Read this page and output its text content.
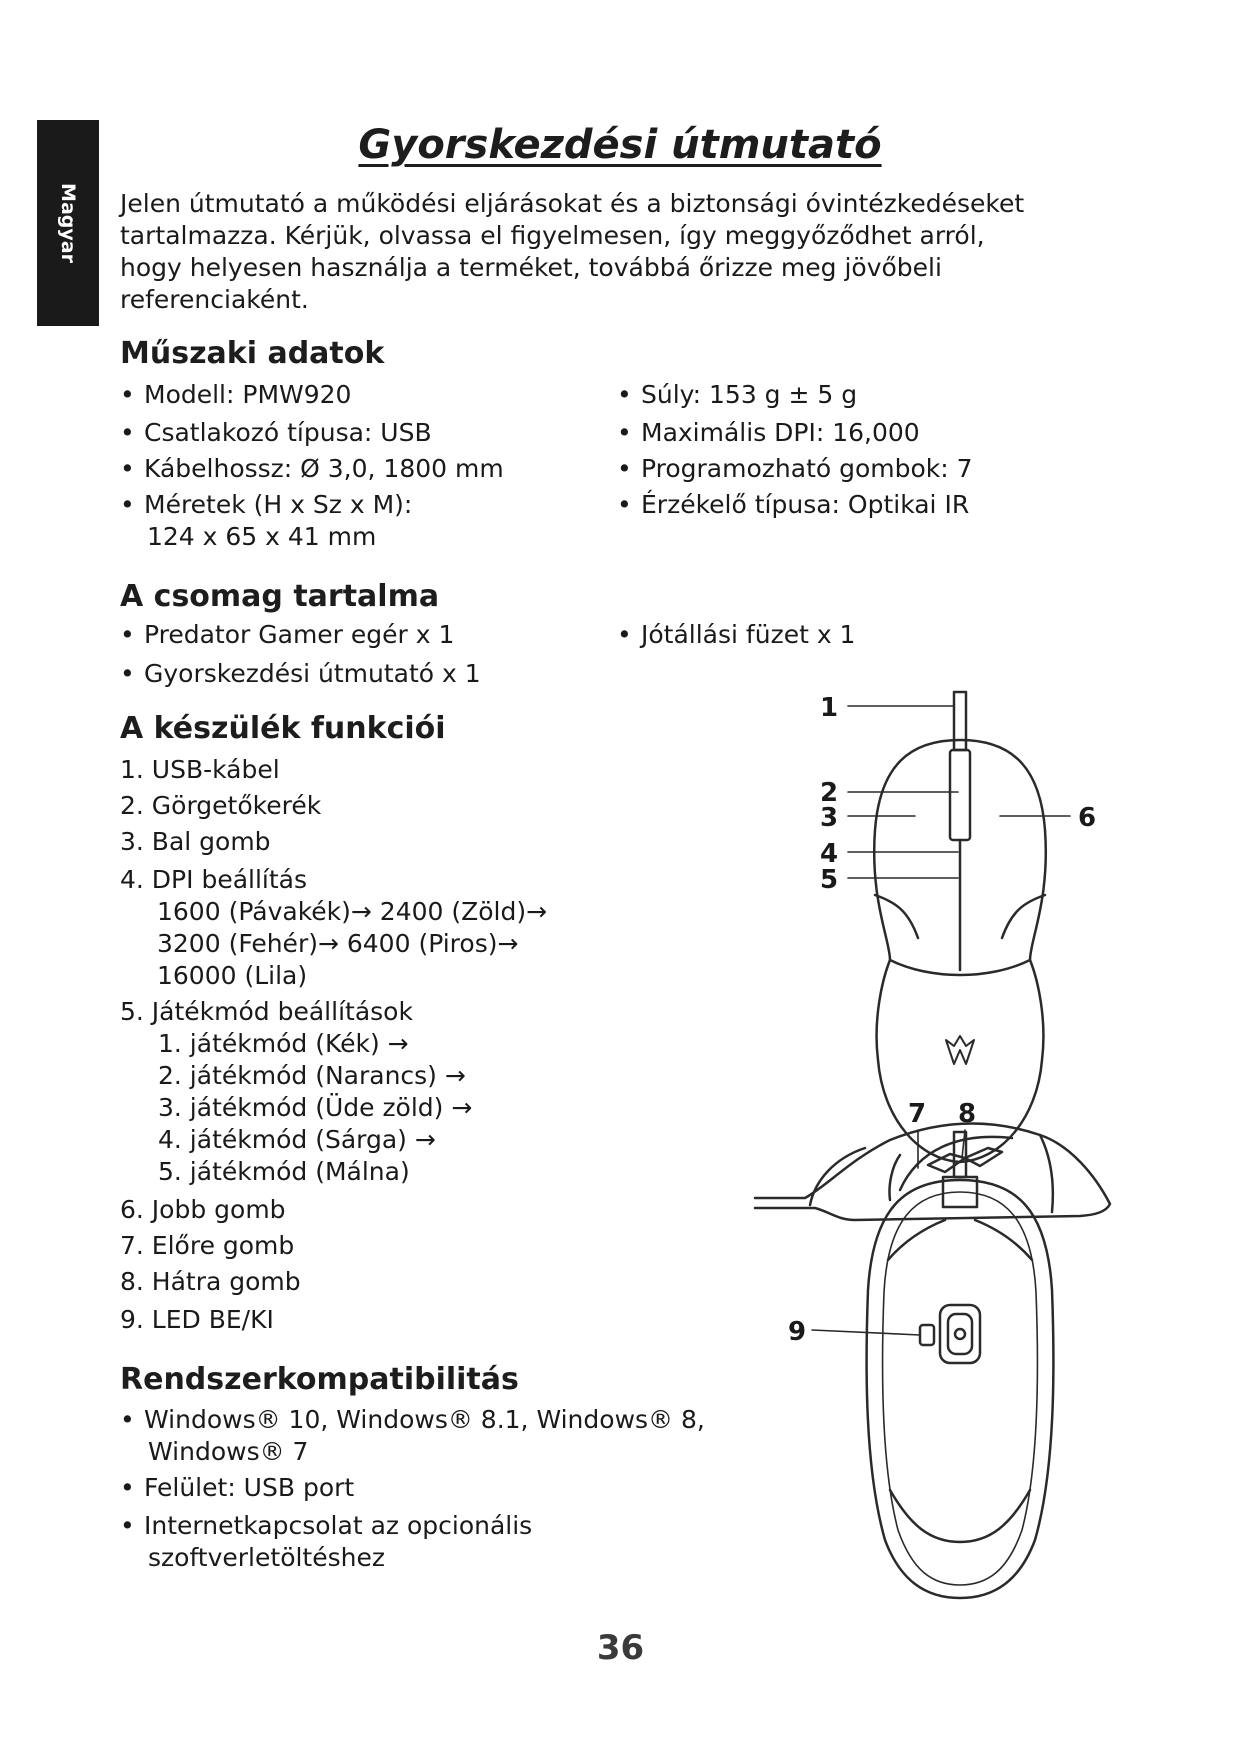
Magyar
Gyorskezdési útmutató
Jelen útmutató a működési eljárásokat és a biztonsági óvintézkedéseket
tartalmazza. Kérjük, olvassa el figyelmesen, így meggyőződhet arról,
hogy helyesen használja a terméket, továbbá őrizze meg jövőbeli
referenciaként.
Műszaki adatok
• Modell: PMW920
• Csatlakozó típusa: USB
• Kábelhossz: Ø 3,0, 1800 mm
• Méretek (H x Sz x M):
124 x 65 x 41 mm
• Súly: 153 g ± 5 g
• Maximális DPI: 16,000
• Programozható gombok: 7
• Érzékelő típusa: Optikai IR
A csomag tartalma
• Predator Gamer egér x 1
• Gyorskezdési útmutató x 1
• Jótállási füzet x 1
A készülék funkciói
1. USB-kábel
2. Görgetőkerék
3. Bal gomb
4. DPI beállítás
1600 (Pávakék)→ 2400 (Zöld)→
3200 (Fehér)→ 6400 (Piros)→
16000 (Lila)
5. Játékmód beállítások
1. játékmód (Kék) →
2. játékmód (Narancs) →
3. játékmód (Üde zöld) →
4. játékmód (Sárga) →
5. játékmód (Málna)
6. Jobb gomb
7. Előre gomb
8. Hátra gomb
9. LED BE/KI
Rendszerkompatibilitás
• Windows® 10, Windows® 8.1, Windows® 8,
Windows® 7
• Felület: USB port
• Internetkapcsolat az opcionális
szoftverletöltéshez
1
2
3
4
5
6
7 8
9
36
